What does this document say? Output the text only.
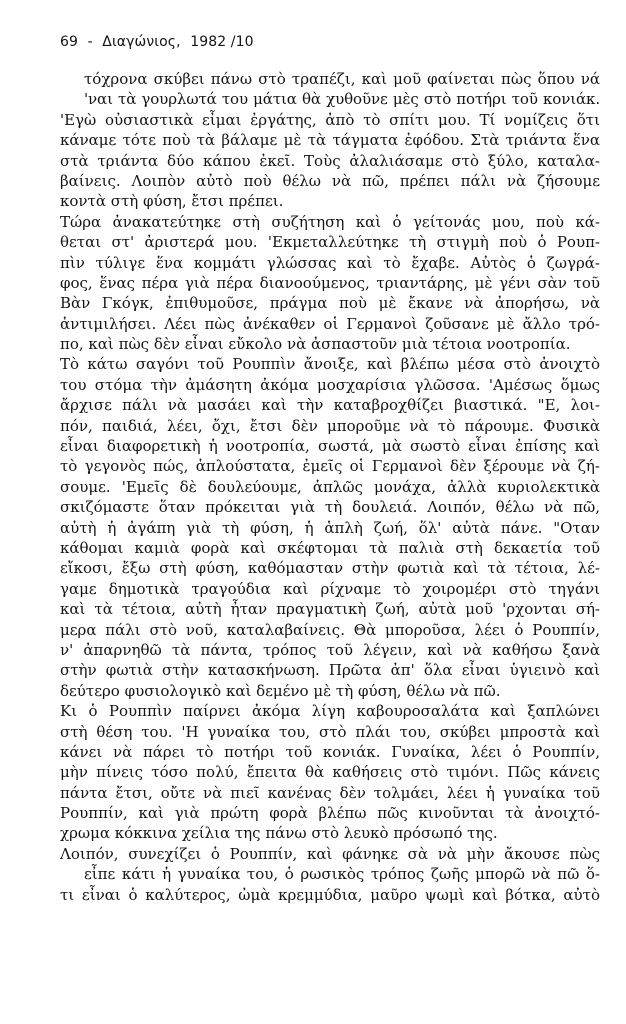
69 - Διαγώνιος, 1982 /10
τόχρονα σκύβει πάνω στὸ τραπέζι, καὶ μοῦ φαίνεται πὼς ὅπου νά
'ναι τὰ γουρλωτά του μάτια θὰ χυθοῦνε μὲς στὸ ποτήρι τοῦ κονιάκ.
'Εγὼ οὐσιαστικὰ εἶμαι ἐργάτης, ἀπὸ τὸ σπίτι μου. Τί νομίζεις ὅτι
κάναμε τότε ποὺ τὰ βάλαμε μὲ τὰ τάγματα ἐφόδου. Στὰ τριάντα ἕνα
στὰ τριάντα δύο κάπου ἐκεῖ. Τοὺς ἀλαλιάσαμε στὸ ξύλο, καταλα-
βαίνεις. Λοιπὸν αὐτὸ ποὺ θέλω νὰ πῶ, πρέπει πάλι νὰ ζήσουμε
κοντὰ στὴ φύση, ἔτσι πρέπει.
Τώρα ἀνακατεύτηκε στὴ συζήτηση καὶ ὁ γείτονάς μου, ποὺ κά-
θεται στ' ἀριστερά μου. 'Εκμεταλλεύτηκε τὴ στιγμὴ ποὺ ὁ Ρουπ-
πὶν τύλιγε ἕνα κομμάτι γλώσσας καὶ τὸ ἔχαβε. Αὐτὸς ὁ ζωγρά-
φος, ἕνας πέρα γιὰ πέρα διανοούμενος, τριαντάρης, μὲ γένι σὰν τοῦ
Βὰν Γκόγκ, ἐπιθυμοῦσε, πράγμα ποὺ μὲ ἔκανε νὰ ἀπορήσω, νὰ
ἀντιμιλήσει. Λέει πὼς ἀνέκαθεν οἱ Γερμανοὶ ζοῦσανε μὲ ἄλλο τρό-
πο, καὶ πὼς δὲν εἶναι εὔκολο νὰ ἀσπαστοῦν μιὰ τέτοια νοοτροπία.
Τὸ κάτω σαγόνι τοῦ Ρουππὶν ἄνοιξε, καὶ βλέπω μέσα στὸ ἀνοιχτὸ
του στόμα τὴν ἀμάσητη ἀκόμα μοσχαρίσια γλῶσσα. 'Αμέσως ὅμως
ἄρχισε πάλι νὰ μασάει καὶ τὴν καταβροχθίζει βιαστικά. "Ε, λοι-
πόν, παιδιά, λέει, ὄχι, ἔτσι δὲν μποροῦμε νὰ τὸ πάρουμε. Φυσικὰ
εἶναι διαφορετικὴ ἡ νοοτροπία, σωστά, μὰ σωστὸ εἶναι ἐπίσης καὶ
τὸ γεγονὸς πώς, ἁπλούστατα, ἐμεῖς οἱ Γερμανοὶ δὲν ξέρουμε νὰ ζή-
σουμε. 'Εμεῖς δὲ δουλεύουμε, ἁπλῶς μονάχα, ἀλλὰ κυριολεκτικὰ
σκιζόμαστε ὅταν πρόκειται γιὰ τὴ δουλειά. Λοιπόν, θέλω νὰ πῶ,
αὐτὴ ἡ ἀγάπη γιὰ τὴ φύση, ἡ ἁπλὴ ζωή, ὅλ' αὐτὰ πάνε. "Οταν
κάθομαι καμιὰ φορὰ καὶ σκέφτομαι τὰ παλιὰ στὴ δεκαετία τοῦ
εἴκοσι, ἔξω στὴ φύση, καθόμασταν στὴν φωτιὰ καὶ τὰ τέτοια, λέ-
γαμε δημοτικὰ τραγούδια καὶ ρίχναμε τὸ χοιρομέρι στὸ τηγάνι
καὶ τὰ τέτοια, αὐτὴ ἦταν πραγματικὴ ζωή, αὐτὰ μοῦ 'ρχονται σή-
μερα πάλι στὸ νοῦ, καταλαβαίνεις. Θὰ μποροῦσα, λέει ὁ Ρουππίν,
ν' ἀπαρνηθῶ τὰ πάντα, τρόπος τοῦ λέγειν, καὶ νὰ καθήσω ξανὰ
στὴν φωτιὰ στὴν κατασκήνωση. Πρῶτα ἀπ' ὅλα εἶναι ὑγιεινὸ καὶ
δεύτερο φυσιολογικὸ καὶ δεμένο μὲ τὴ φύση, θέλω νὰ πῶ.
Κι ὁ Ρουππὶν παίρνει ἀκόμα λίγη καβουροσαλάτα καὶ ξαπλώνει
στὴ θέση του. 'Η γυναίκα του, στὸ πλάι του, σκύβει μπροστὰ καὶ
κάνει νὰ πάρει τὸ ποτήρι τοῦ κονιάκ. Γυναίκα, λέει ὁ Ρουππίν,
μὴν πίνεις τόσο πολύ, ἔπειτα θὰ καθήσεις στὸ τιμόνι. Πῶς κάνεις
πάντα ἔτσι, οὔτε νὰ πιεῖ κανένας δὲν τολμάει, λέει ἡ γυναίκα τοῦ
Ρουππίν, καὶ γιὰ πρώτη φορὰ βλέπω πῶς κινοῦνται τὰ ἀνοιχτό-
χρωμα κόκκινα χείλια της πάνω στὸ λευκὸ πρόσωπό της.
Λοιπόν, συνεχίζει ὁ Ρουππίν, καὶ φάνηκε σὰ νὰ μὴν ἄκουσε πὼς
εἶπε κάτι ἡ γυναίκα του, ὁ ρωσικὸς τρόπος ζωῆς μπορῶ νὰ πῶ ὅ-
τι εἶναι ὁ καλύτερος, ὠμὰ κρεμμύδια, μαῦρο ψωμὶ καὶ βότκα, αὐτὸ
